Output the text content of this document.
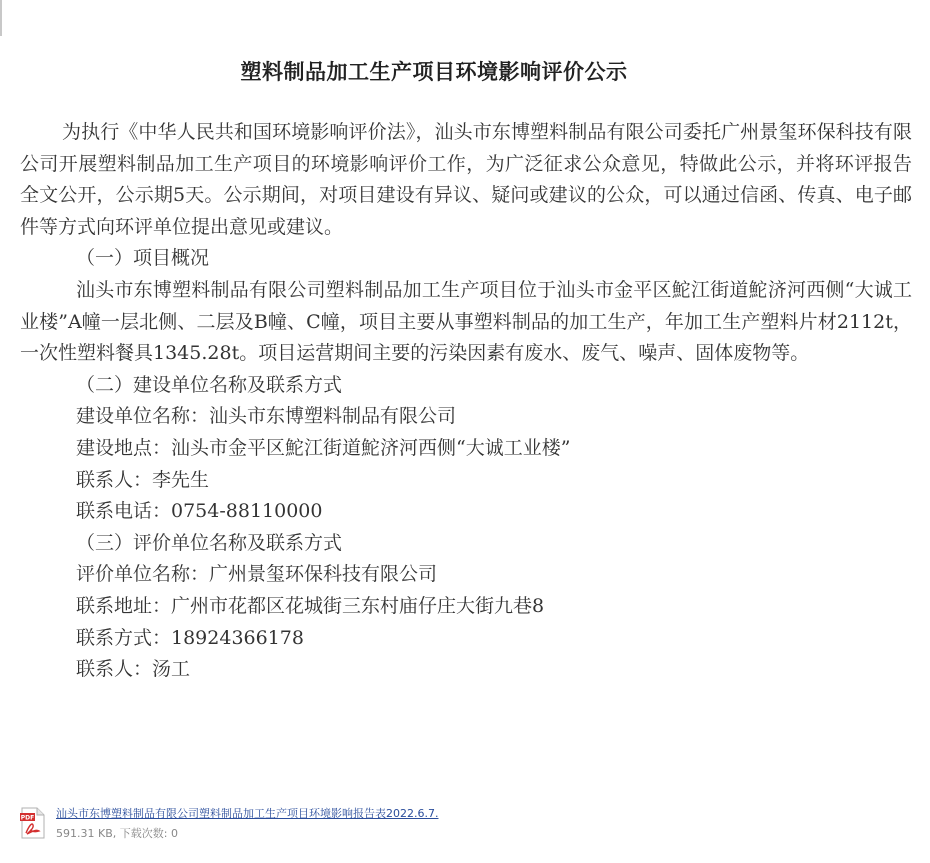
塑料制品加工生产项目环境影响评价公示

为执行《中华人民共和国环境影响评价法》，汕头市东博塑料制品有限公司委托广州景玺环保科技有限公司开展塑料制品加工生产项目的环境影响评价工作，为广泛征求公众意见，特做此公示，并将环评报告全文公开，公示期5天。公示期间，对项目建设有异议、疑问或建议的公众，可以通过信函、传真、电子邮件等方式向环评单位提出意见或建议。

（一）项目概况

汕头市东博塑料制品有限公司塑料制品加工生产项目位于汕头市金平区鮀江街道鮀济河西侧“大诚工业楼”A幢一层北侧、二层及B幢、C幢，项目主要从事塑料制品的加工生产，年加工生产塑料片材2112t，一次性塑料餐具1345.28t。项目运营期间主要的污染因素有废水、废气、噪声、固体废物等。

（二）建设单位名称及联系方式

建设单位名称：汕头市东博塑料制品有限公司

建设地点：汕头市金平区鮀江街道鮀济河西侧“大诚工业楼”

联系人：李先生

联系电话：0754-88110000

（三）评价单位名称及联系方式

评价单位名称：广州景玺环保科技有限公司

联系地址：广州市花都区花城街三东村庙仔庄大街九巷8

联系方式：18924366178

联系人：汤工

PDF 汕头市东博塑料制品有限公司塑料制品加工生产项目环境影响报告表2022.6.7.
591.31 KB, 下载次数: 0
